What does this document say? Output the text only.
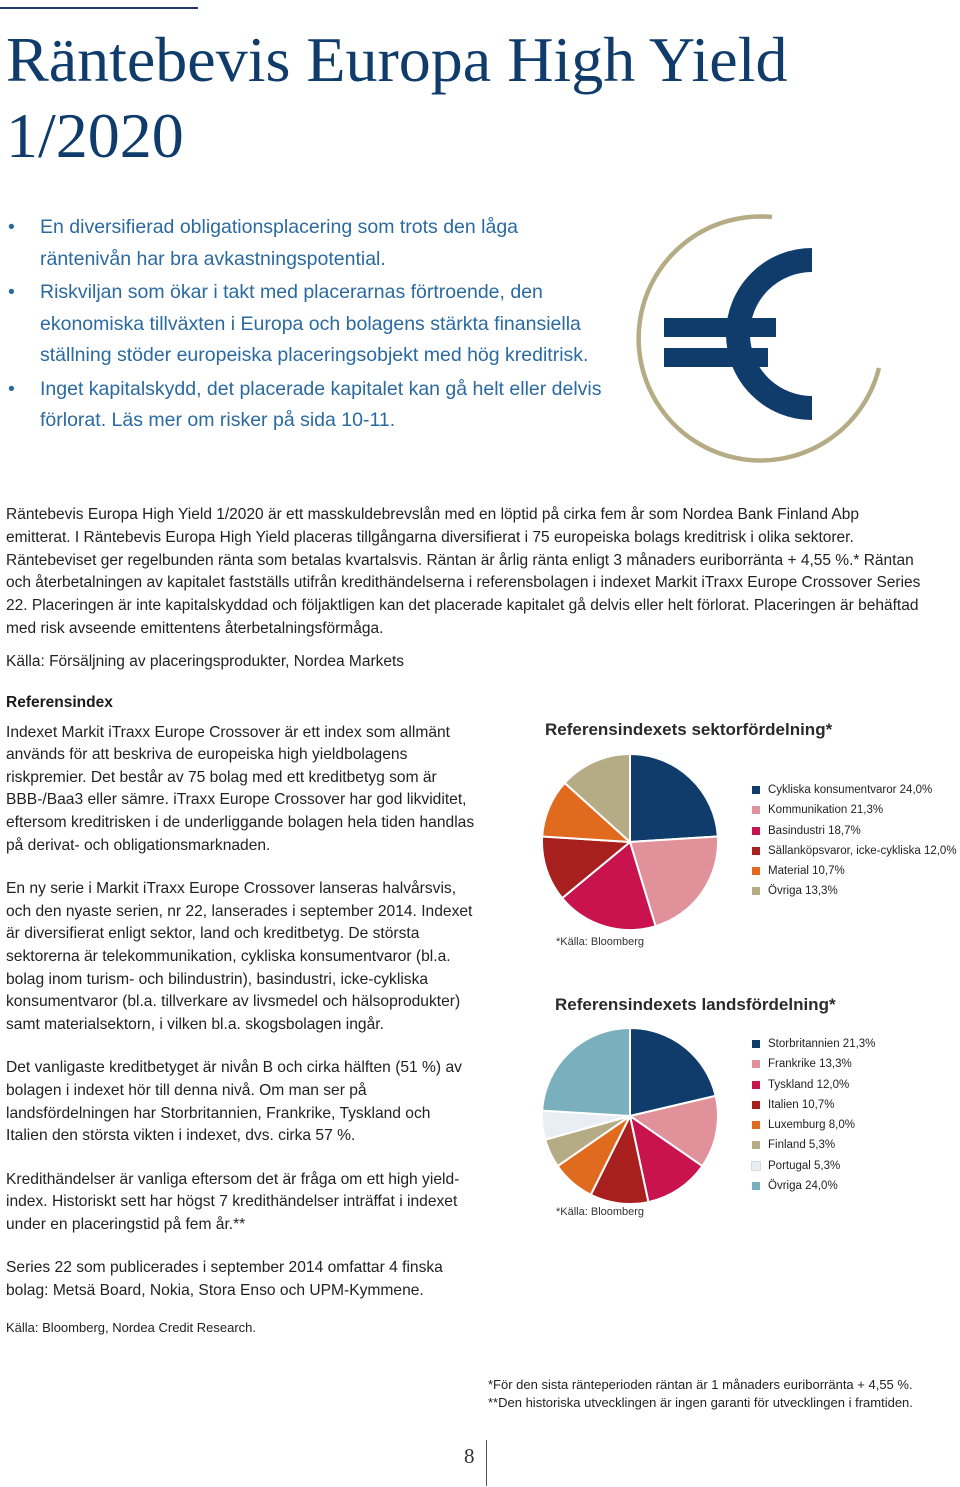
Räntebevis Europa High Yield 1/2020
• En diversifierad obligationsplacering som trots den låga räntenivån har bra avkastningspotential.
• Riskviljan som ökar i takt med placerarnas förtroende, den ekonomiska tillväxten i Europa och bolagens stärkta finansiella ställning stöder europeiska placeringsobjekt med hög kreditrisk.
• Inget kapitalskydd, det placerade kapitalet kan gå helt eller delvis förlorat. Läs mer om risker på sida 10-11.

Räntebevis Europa High Yield 1/2020 är ett masskuldebrevslån med en löptid på cirka fem år som Nordea Bank Finland Abp emitterat. I Räntebevis Europa High Yield placeras tillgångarna diversifierat i 75 europeiska bolags kreditrisk i olika sektorer. Räntebeviset ger regelbunden ränta som betalas kvartalsvis. Räntan är årlig ränta enligt 3 månaders euriborränta + 4,55 %.* Räntan och återbetalningen av kapitalet fastställs utifrån kredithändelserna i referensbolagen i indexet Markit iTraxx Europe Crossover Series 22. Placeringen är inte kapitalskyddad och följaktligen kan det placerade kapitalet gå delvis eller helt förlorat. Placeringen är behäftad med risk avseende emittentens återbetalningsförmåga.

Källa: Försäljning av placeringsprodukter, Nordea Markets

Referensindex

Indexet Markit iTraxx Europe Crossover är ett index som allmänt används för att beskriva de europeiska high yieldbolagens riskpremier. Det består av 75 bolag med ett kreditbetyg som är BBB-/Baa3 eller sämre. iTraxx Europe Crossover har god likviditet, eftersom kreditrisken i de underliggande bolagen hela tiden handlas på derivat- och obligationsmarknaden.

En ny serie i Markit iTraxx Europe Crossover lanseras halvårsvis, och den nyaste serien, nr 22, lanserades i september 2014. Indexet är diversifierat enligt sektor, land och kreditbetyg. De största sektorerna är telekommunikation, cykliska konsumentvaror (bl.a. bolag inom turism- och bilindustrin), basindustri, icke-cykliska konsumentvaror (bl.a. tillverkare av livsmedel och hälsoprodukter) samt materialsektorn, i vilken bl.a. skogsbolagen ingår.

Det vanligaste kreditbetyget är nivån B och cirka hälften (51 %) av bolagen i indexet hör till denna nivå. Om man ser på landsfördelningen har Storbritannien, Frankrike, Tyskland och Italien den största vikten i indexet, dvs. cirka 57 %.

Kredithändelser är vanliga eftersom det är fråga om ett high yield-index. Historiskt sett har högst 7 kredithändelser inträffat i indexet under en placeringstid på fem år.**

Series 22 som publicerades i september 2014 omfattar 4 finska bolag: Metsä Board, Nokia, Stora Enso och UPM-Kymmene.

Källa: Bloomberg, Nordea Credit Research.

Referensindexets sektorfördelning*
Cykliska konsumentvaror 24,0%
Kommunikation 21,3%
Basindustri 18,7%
Sällanköpsvaror, icke-cykliska 12,0%
Material 10,7%
Övriga 13,3%
*Källa: Bloomberg
Referensindexets landsfördelning*
Storbritannien 21,3%
Frankrike 13,3%
Tyskland 12,0%
Italien 10,7%
Luxemburg 8,0%
Finland 5,3%
Portugal 5,3%
Övriga 24,0%
*Källa: Bloomberg
*För den sista ränteperioden räntan är 1 månaders euriborränta + 4,55 %.
**Den historiska utvecklingen är ingen garanti för utvecklingen i framtiden.
8
